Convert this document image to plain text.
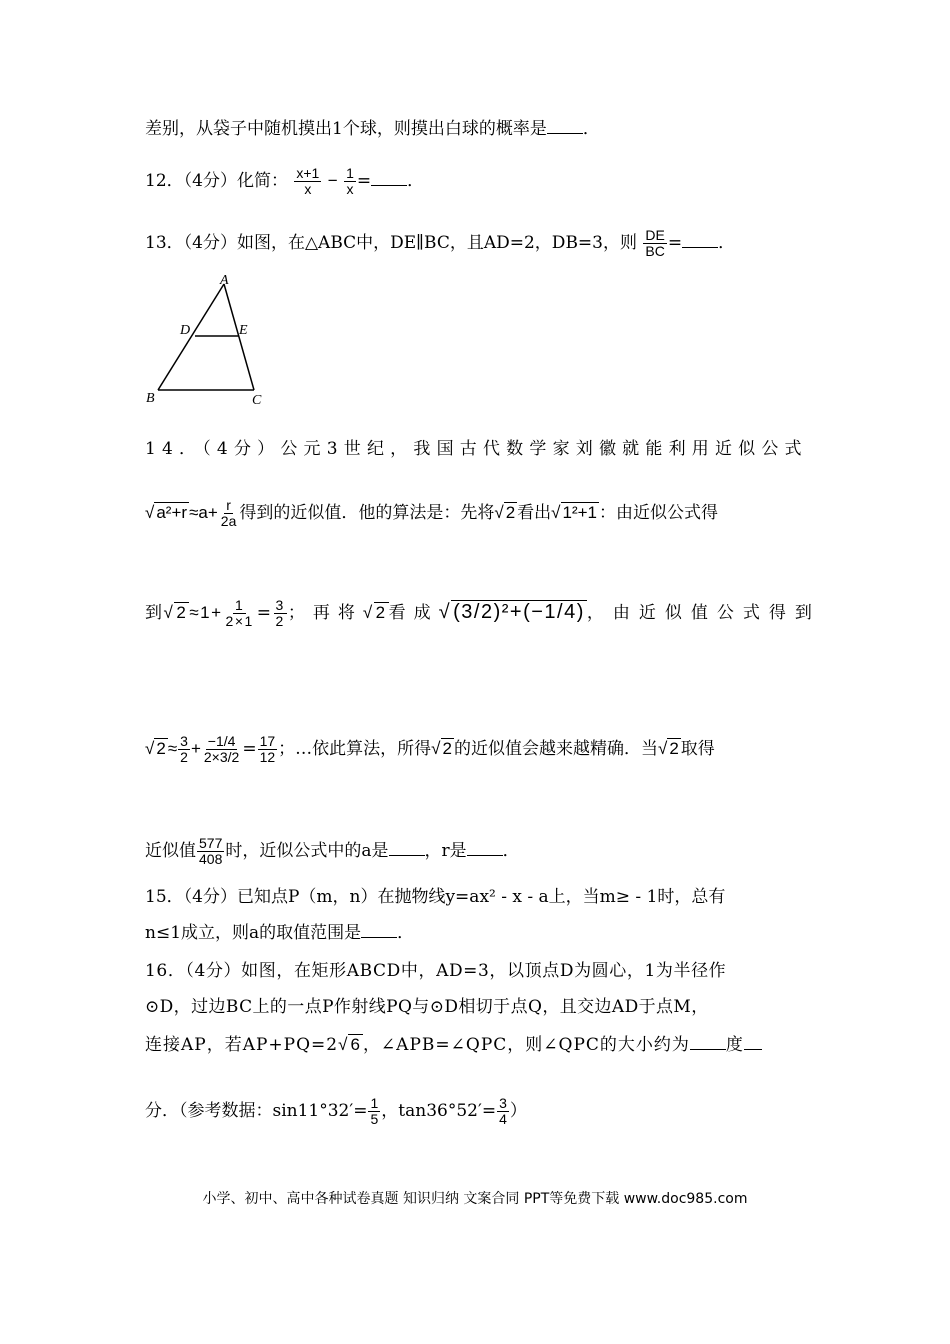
差别，从袋子中随机摸出1个球，则摸出白球的概率是 ．
12．（4分）化简： $\frac{x+1}{x} - \frac{1}{x}$ = ．
13．（4分）如图，在△ABC中，DE∥BC，且AD=2，DB=3，则 $\frac{DE}{BC}$ = ．
A
D	E
B	C
14．（4分）公元3世纪，我国古代数学家刘徽就能利用近似公式
√ $a^2+r \approx a+ \frac{r}{2a}$ 得到的近似值．他的算法是：先将√ 2 看出√ 1²+1 ：由近似公式得
到√ $2 \approx 1+ \frac{1}{2\times 1} = \frac{3}{2}$ ；再将√ 2 看成√ (3/2)²+(−1/4) ，由近似值公式得到
√ $2 \approx \frac{3}{2} + \frac{-1/4}{2\times 3/2} = \frac{17}{12}$ ；…依此算法，所得√ 2 的近似值会越来越精确．当√ 2 取得
近似值 $\frac{577}{408}$ 时，近似公式中的a是 ，r是 ．
15．（4分）已知点P（m，n）在抛物线y=ax² - x - a上，当m≥ - 1时，总有
n≤1成立，则a的取值范围是 ．
16．（4分）如图，在矩形ABCD中，AD=3，以顶点D为圆心，1为半径作
⊙D，过边BC上的一点P作射线PQ与⊙D相切于点Q，且交边AD于点M，
连接AP，若AP+PQ=2√ 6 ，∠APB=∠QPC，则∠QPC的大小约为 度
分．（参考数据：$\sin 11^\circ 32'= \frac{1}{5}$ ，$\tan 36^\circ 52'= \frac{3}{4}$ ）
小学、初中、高中各种试卷真题 知识归纳 文案合同 PPT等免费下载 www.doc985.com
